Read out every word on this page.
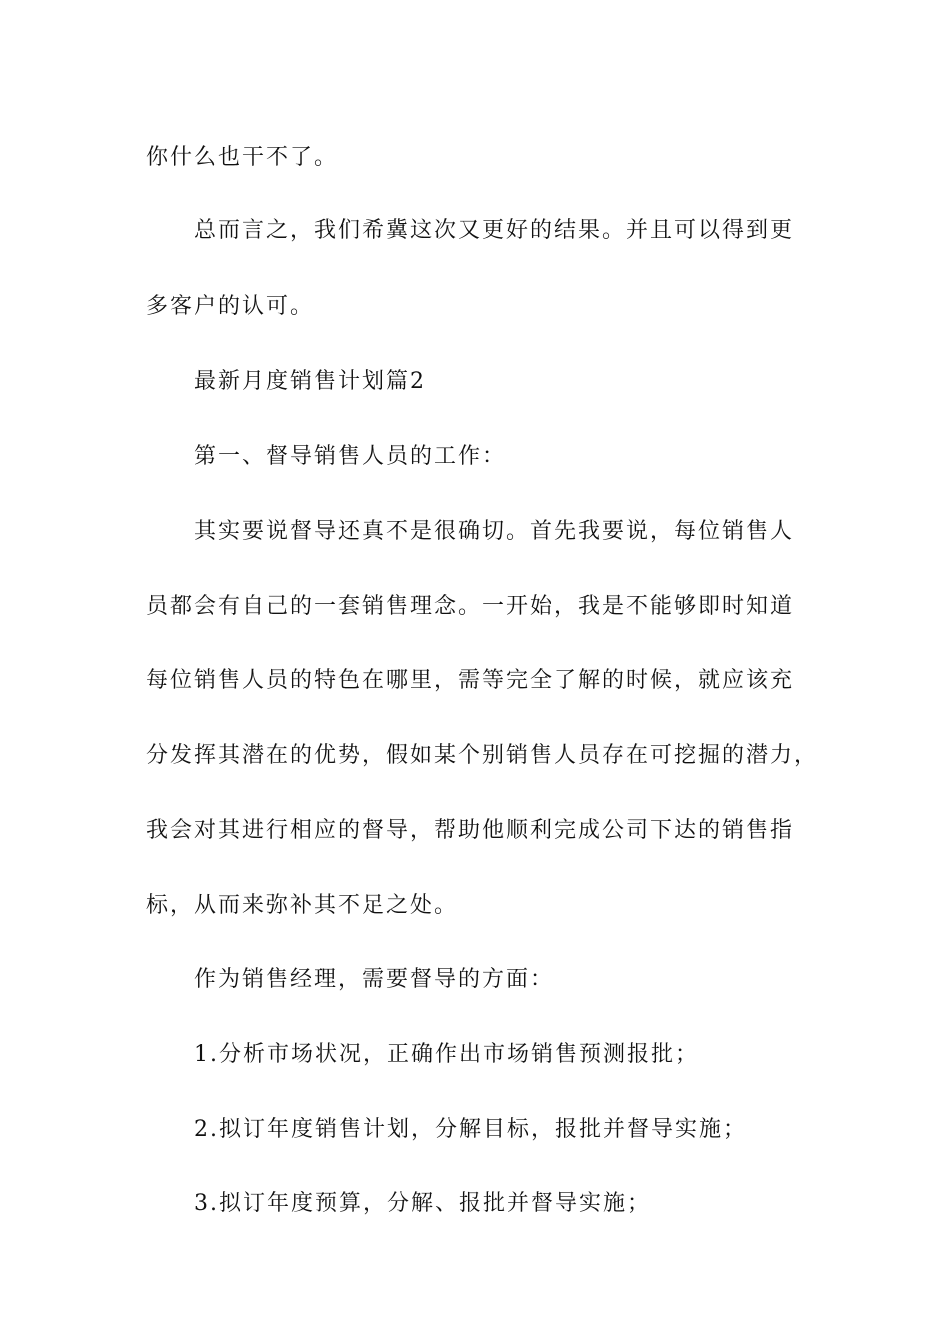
你什么也干不了。
总而言之，我们希冀这次又更好的结果。并且可以得到更
多客户的认可。
最新月度销售计划篇2
第一、督导销售人员的工作：
其实要说督导还真不是很确切。首先我要说，每位销售人
员都会有自己的一套销售理念。一开始，我是不能够即时知道
每位销售人员的特色在哪里，需等完全了解的时候，就应该充
分发挥其潜在的优势，假如某个别销售人员存在可挖掘的潜力，
我会对其进行相应的督导，帮助他顺利完成公司下达的销售指
标，从而来弥补其不足之处。
作为销售经理，需要督导的方面：
1.分析市场状况，正确作出市场销售预测报批；
2.拟订年度销售计划，分解目标，报批并督导实施；
3.拟订年度预算，分解、报批并督导实施；
